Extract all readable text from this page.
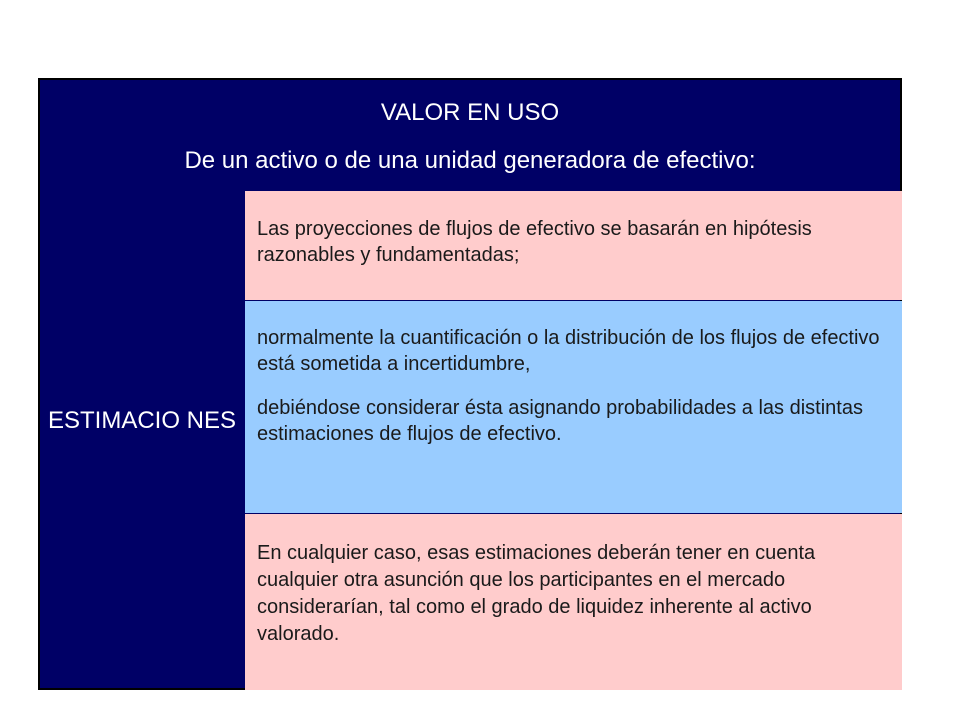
VALOR EN USO
De un activo o de una unidad generadora de efectivo:
ESTIMACIO NES

Las proyecciones de flujos de efectivo se basarán en hipótesis razonables y fundamentadas;

normalmente la cuantificación o la distribución de los flujos de efectivo está sometida a incertidumbre,

debiéndose considerar ésta asignando probabilidades a las distintas estimaciones de flujos de efectivo.

En cualquier caso, esas estimaciones deberán tener en cuenta cualquier otra asunción que los participantes en el mercado considerarían, tal como el grado de liquidez inherente al activo valorado.
